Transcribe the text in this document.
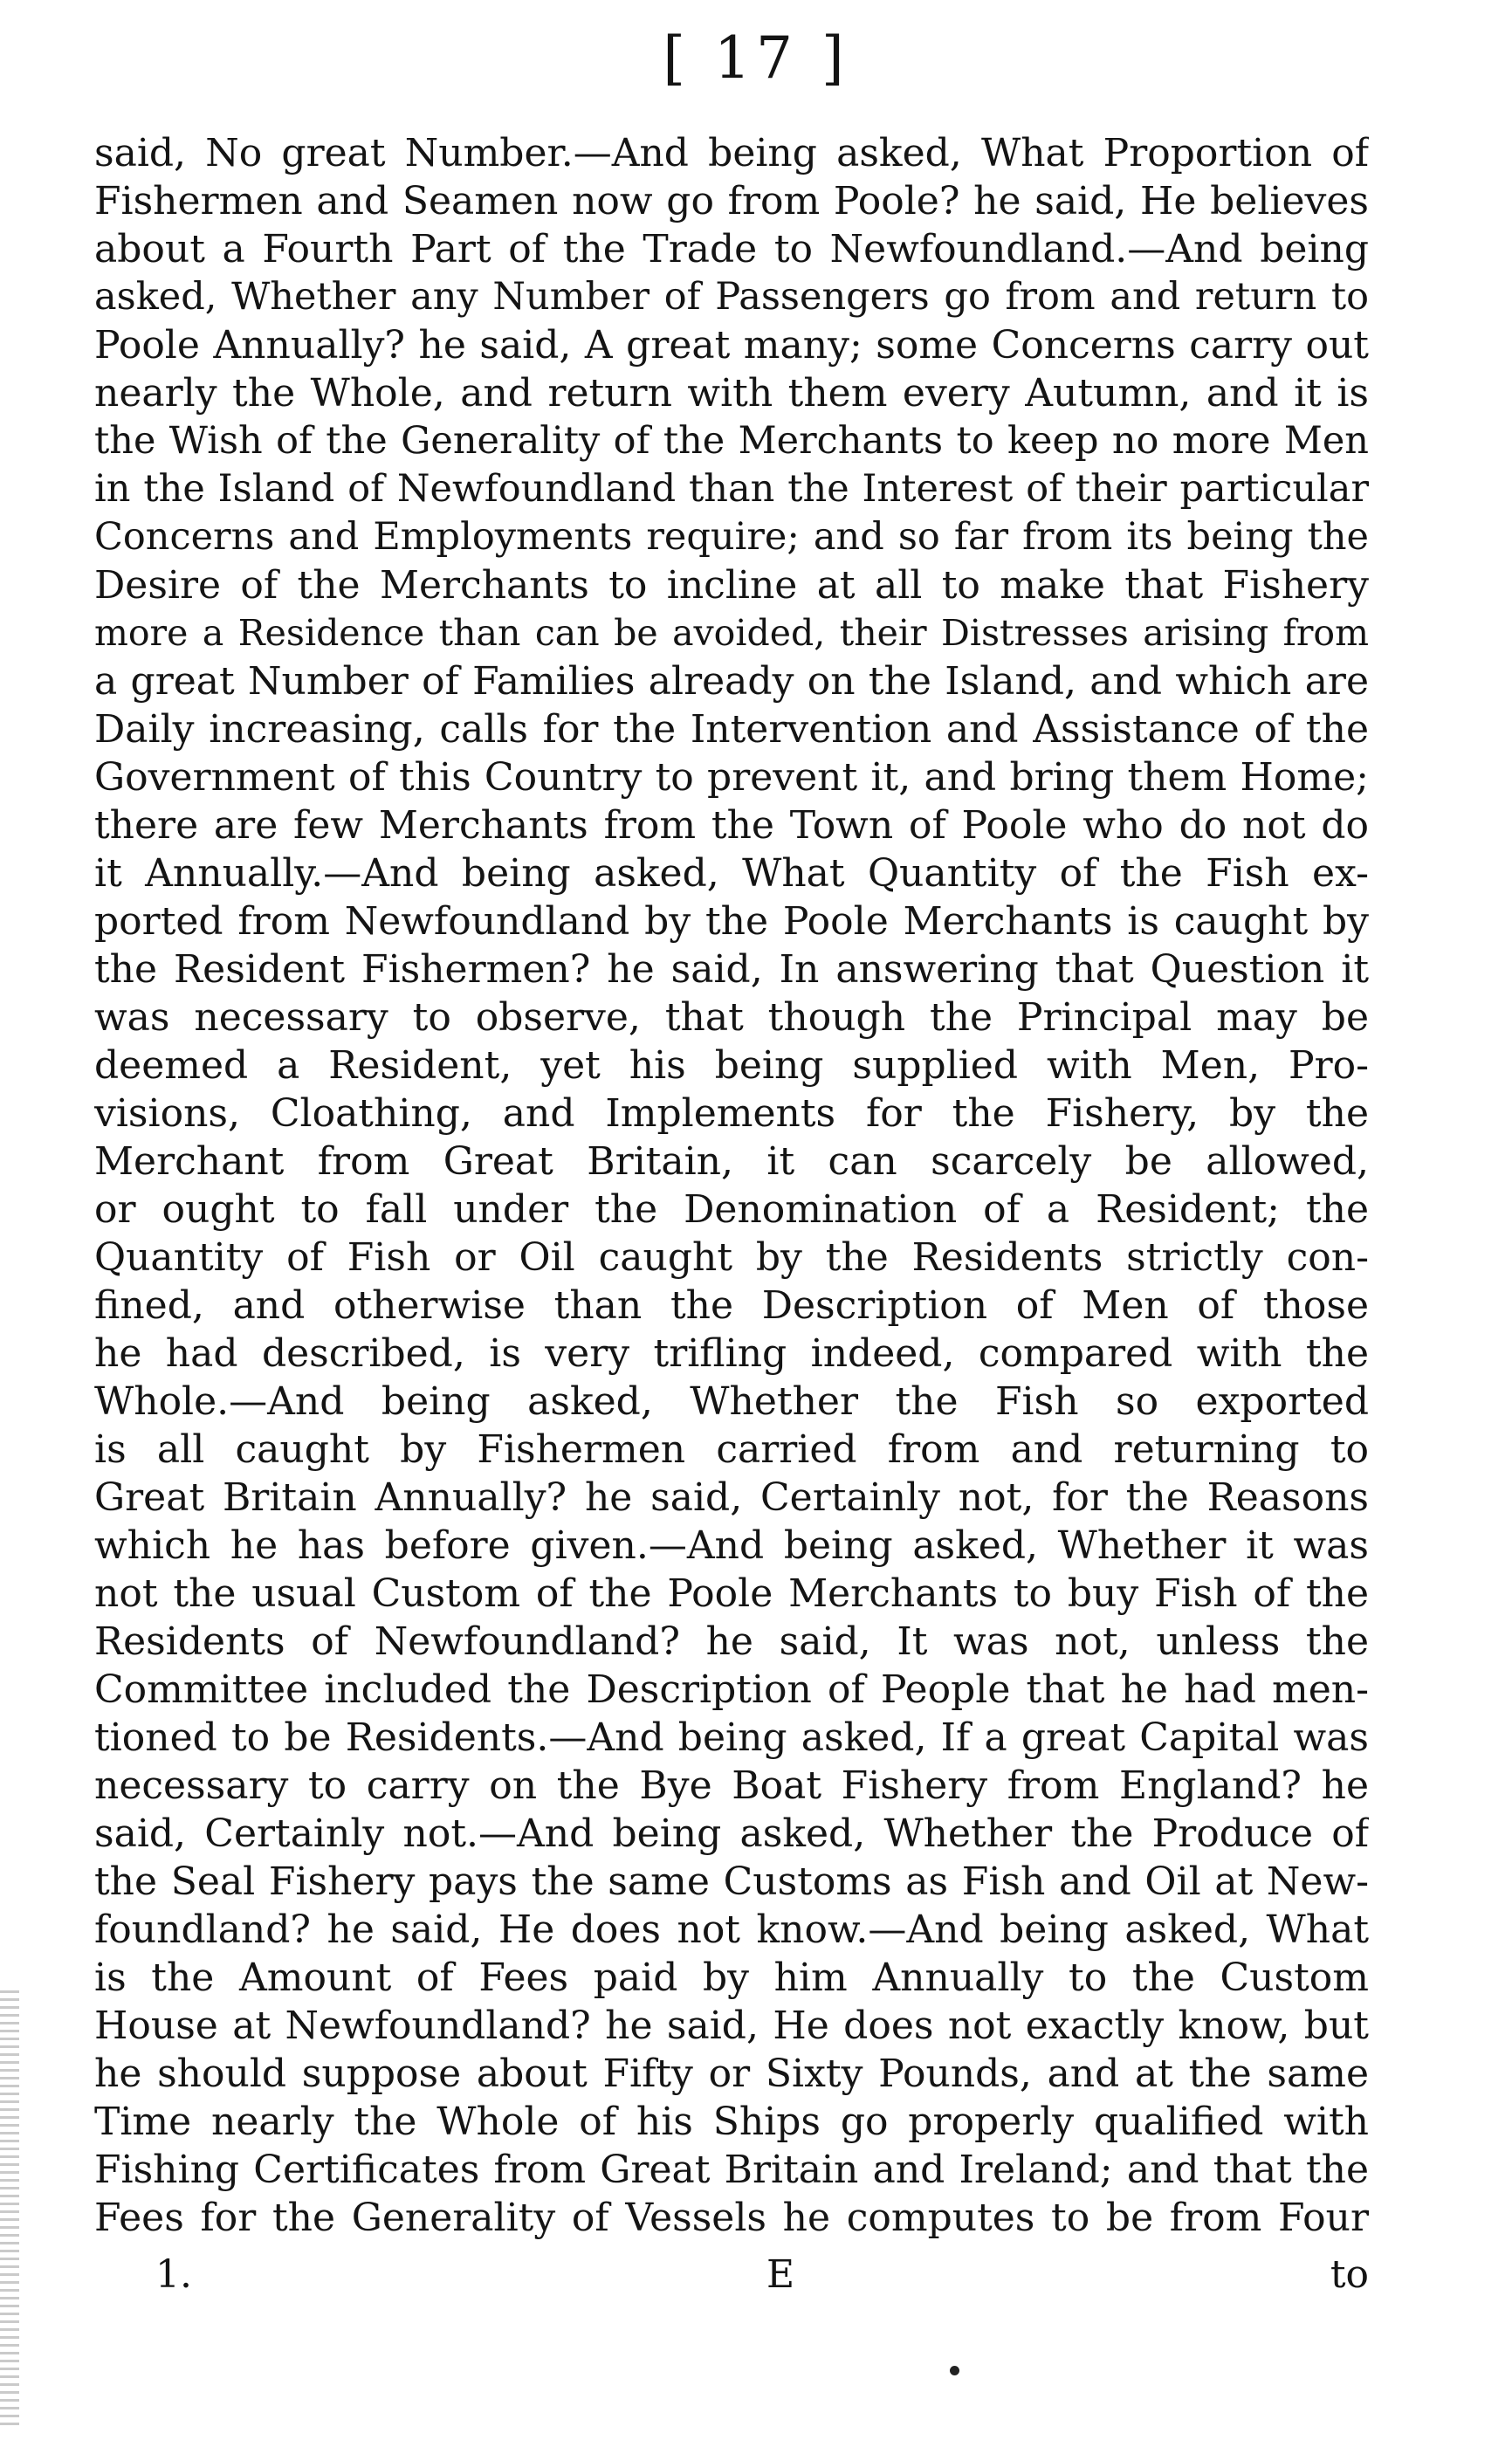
[ 17 ]
said, No great Number.—And being asked, What Proportion of
Fishermen and Seamen now go from Poole? he said, He believes
about a Fourth Part of the Trade to Newfoundland.—And being
asked, Whether any Number of Passengers go from and return to
Poole Annually? he said, A great many; some Concerns carry out
nearly the Whole, and return with them every Autumn, and it is
the Wish of the Generality of the Merchants to keep no more Men
in the Island of Newfoundland than the Interest of their particular
Concerns and Employments require; and so far from its being the
Desire of the Merchants to incline at all to make that Fishery
more a Residence than can be avoided, their Distresses arising from
a great Number of Families already on the Island, and which are
Daily increasing, calls for the Intervention and Assistance of the
Government of this Country to prevent it, and bring them Home;
there are few Merchants from the Town of Poole who do not do
it Annually.—And being asked, What Quantity of the Fish ex-
ported from Newfoundland by the Poole Merchants is caught by
the Resident Fishermen? he said, In answering that Question it
was necessary to observe, that though the Principal may be
deemed a Resident, yet his being supplied with Men, Pro-
visions, Cloathing, and Implements for the Fishery, by the
Merchant from Great Britain, it can scarcely be allowed,
or ought to fall under the Denomination of a Resident; the
Quantity of Fish or Oil caught by the Residents strictly con-
fined, and otherwise than the Description of Men of those
he had described, is very trifling indeed, compared with the
Whole.—And being asked, Whether the Fish so exported
is all caught by Fishermen carried from and returning to
Great Britain Annually? he said, Certainly not, for the Reasons
which he has before given.—And being asked, Whether it was
not the usual Custom of the Poole Merchants to buy Fish of the
Residents of Newfoundland? he said, It was not, unless the
Committee included the Description of People that he had men-
tioned to be Residents.—And being asked, If a great Capital was
necessary to carry on the Bye Boat Fishery from England? he
said, Certainly not.—And being asked, Whether the Produce of
the Seal Fishery pays the same Customs as Fish and Oil at New-
foundland? he said, He does not know.—And being asked, What
is the Amount of Fees paid by him Annually to the Custom
House at Newfoundland? he said, He does not exactly know, but
he should suppose about Fifty or Sixty Pounds, and at the same
Time nearly the Whole of his Ships go properly qualified with
Fishing Certificates from Great Britain and Ireland; and that the
Fees for the Generality of Vessels he computes to be from Four
1.	E	to
